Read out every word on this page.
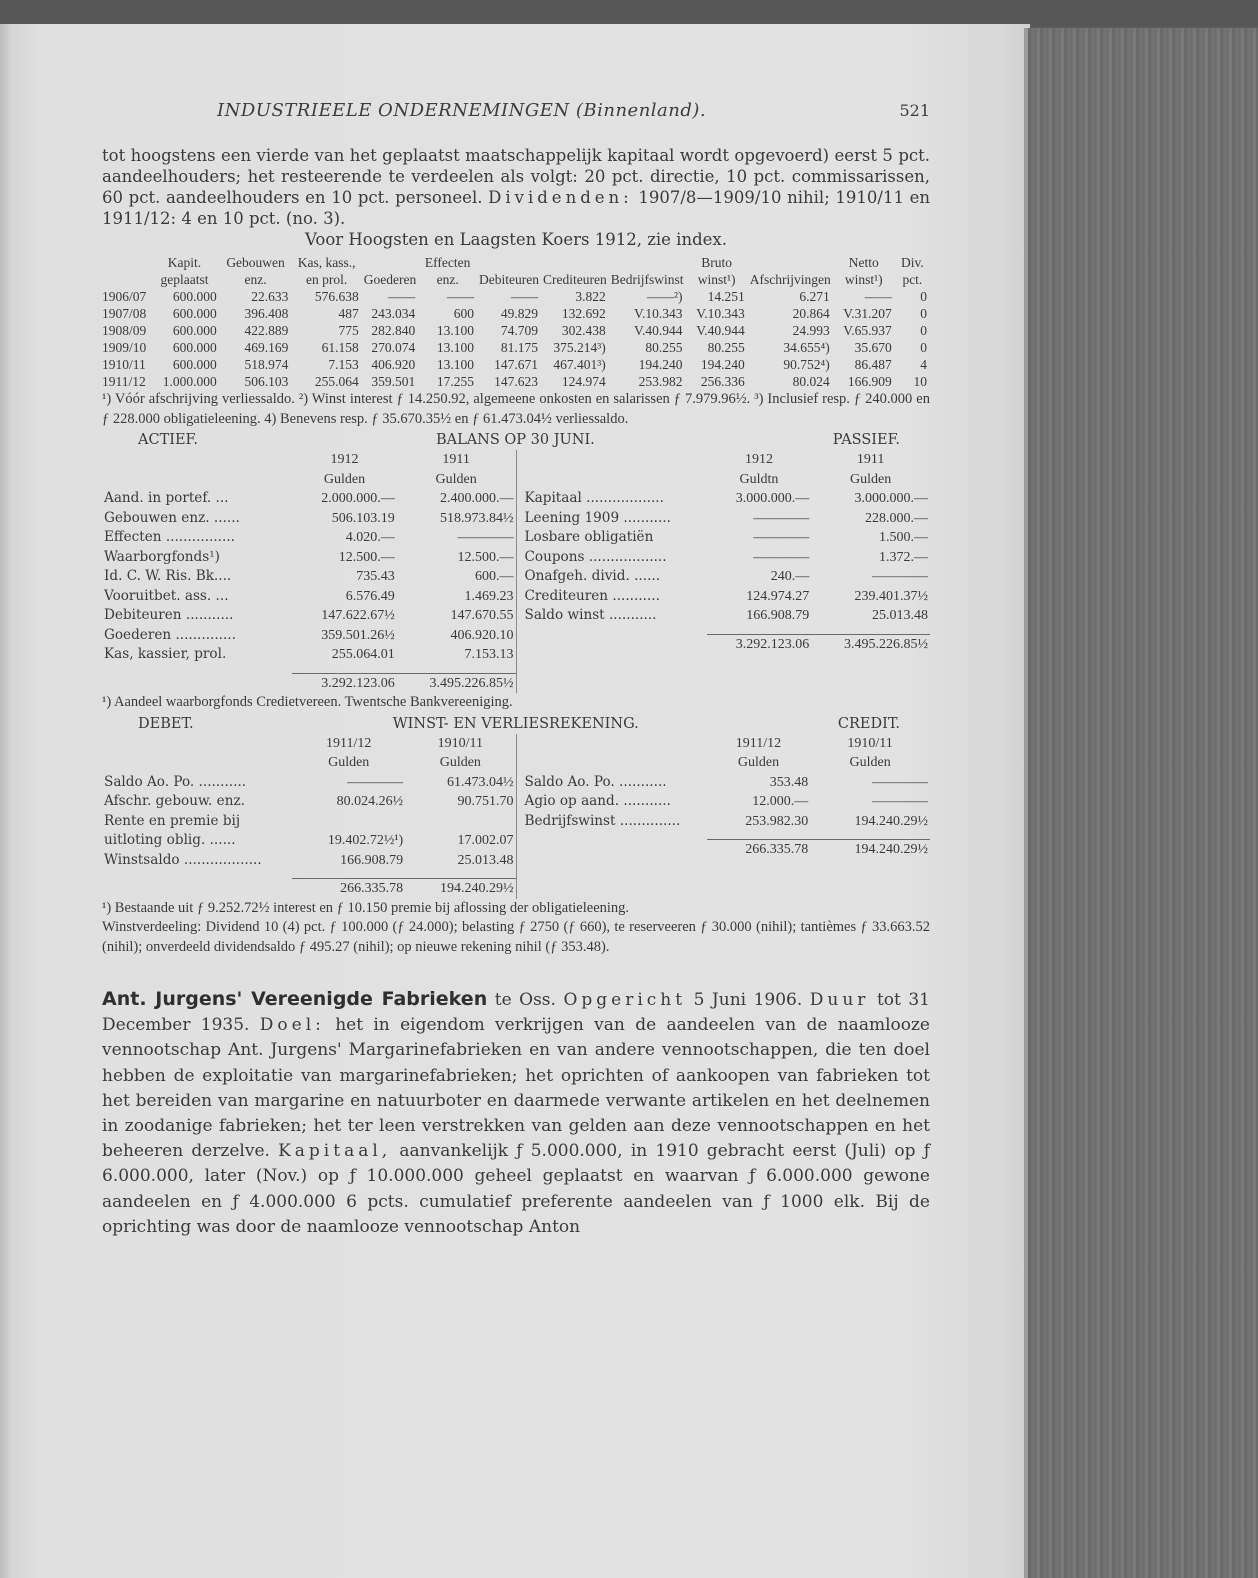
INDUSTRIEELE ONDERNEMINGEN (Binnenland).	521

tot hoogstens een vierde van het geplaatst maatschappelijk kapitaal wordt opgevoerd) eerst 5 pct. aandeelhouders; het resteerende te verdeelen als volgt: 20 pct. directie, 10 pct. commissarissen, 60 pct. aandeelhouders en 10 pct. personeel. Dividenden: 1907/8—1909/10 nihil; 1910/11 en 1911/12: 4 en 10 pct. (no. 3).

Voor Hoogsten en Laagsten Koers 1912, zie index.

	Kapit. geplaatst	Gebouwen enz.	Kas, kass., en prol.	Goederen	Effecten enz.	Debiteuren	Crediteuren	Bedrijfswinst	Bruto winst¹)	Afschrijvingen	Netto winst¹)	Div. pct.
1906/07	600.000	22.633	576.638	——	——	——	3.822	——²)	14.251	6.271	——	0
1907/08	600.000	396.408	487	243.034	600	49.829	132.692	V.10.343	V.10.343	20.864	V.31.207	0
1908/09	600.000	422.889	775	282.840	13.100	74.709	302.438	V.40.944	V.40.944	24.993	V.65.937	0
1909/10	600.000	469.169	61.158	270.074	13.100	81.175	375.214³)	80.255	80.255	34.655⁴)	35.670	0
1910/11	600.000	518.974	7.153	406.920	13.100	147.671	467.401³)	194.240	194.240	90.752⁴)	86.487	4
1911/12	1.000.000	506.103	255.064	359.501	17.255	147.623	124.974	253.982	256.336	80.024	166.909	10

¹) Vóór afschrijving verliessaldo. ²) Winst interest ƒ 14.250.92, algemeene onkosten en salarissen ƒ 7.979.96½. ³) Inclusief resp. ƒ 240.000 en ƒ 228.000 obligatieleening. 4) Benevens resp. ƒ 35.670.35½ en ƒ 61.473.04½ verliessaldo.

ACTIEF.	BALANS OP 30 JUNI.	PASSIEF.
	1912	1911
	Gulden	Gulden
Aand. in portef. ...	2.000.000.—	2.400.000.—
Gebouwen enz. ......	506.103.19	518.973.84½
Effecten ................	4.020.—	————
Waarborgfonds¹)	12.500.—	12.500.—
Id. C. W. Ris. Bk....	735.43	600.—
Vooruitbet. ass. ...	6.576.49	1.469.23
Debiteuren ...........	147.622.67½	147.670.55
Goederen ..............	359.501.26½	406.920.10
Kas, kassier, prol.	255.064.01	7.153.13

	3.292.123.06	3.495.226.85½
	1912	1911
	Guldtn	Gulden
Kapitaal ..................	3.000.000.—	3.000.000.—
Leening 1909 ...........	————	228.000.—
Losbare obligatiën	————	1.500.—
Coupons ..................	————	1.372.—
Onafgeh. divid. ......	240.—	————
Crediteuren ...........	124.974.27	239.401.37½
Saldo winst ...........	166.908.79	25.013.48

	3.292.123.06	3.495.226.85½

¹) Aandeel waarborgfonds Credietvereen. Twentsche Bankvereeniging.

DEBET.	WINST- EN VERLIESREKENING.	CREDIT.
	1911/12	1910/11
	Gulden	Gulden
Saldo Ao. Po. ...........	————	61.473.04½
Afschr. gebouw. enz.	80.024.26½	90.751.70
Rente en premie bij		
uitloting oblig. ......	19.402.72½¹)	17.002.07
Winstsaldo ..................	166.908.79	25.013.48

	266.335.78	194.240.29½
	1911/12	1910/11
	Gulden	Gulden
Saldo Ao. Po. ...........	353.48	————
Agio op aand. ...........	12.000.—	————
Bedrijfswinst ..............	253.982.30	194.240.29½

	266.335.78	194.240.29½

¹) Bestaande uit ƒ 9.252.72½ interest en ƒ 10.150 premie bij aflossing der obligatieleening.

Winstverdeeling: Dividend 10 (4) pct. ƒ 100.000 (ƒ 24.000); belasting ƒ 2750 (ƒ 660), te reserveeren ƒ 30.000 (nihil); tantièmes ƒ 33.663.52 (nihil); onverdeeld dividendsaldo ƒ 495.27 (nihil); op nieuwe rekening nihil (ƒ 353.48).

Ant. Jurgens' Vereenigde Fabrieken te Oss. Opgericht 5 Juni 1906. Duur tot 31 December 1935. Doel: het in eigendom verkrijgen van de aandeelen van de naamlooze vennootschap Ant. Jurgens' Margarinefabrieken en van andere vennootschappen, die ten doel hebben de exploitatie van margarinefabrieken; het oprichten of aankoopen van fabrieken tot het bereiden van margarine en natuurboter en daarmede verwante artikelen en het deelnemen in zoodanige fabrieken; het ter leen verstrekken van gelden aan deze vennootschappen en het beheeren derzelve. Kapitaal, aanvankelijk ƒ 5.000.000, in 1910 gebracht eerst (Juli) op ƒ 6.000.000, later (Nov.) op ƒ 10.000.000 geheel geplaatst en waarvan ƒ 6.000.000 gewone aandeelen en ƒ 4.000.000 6 pcts. cumulatief preferente aandeelen van ƒ 1000 elk. Bij de oprichting was door de naamlooze vennootschap Anton
